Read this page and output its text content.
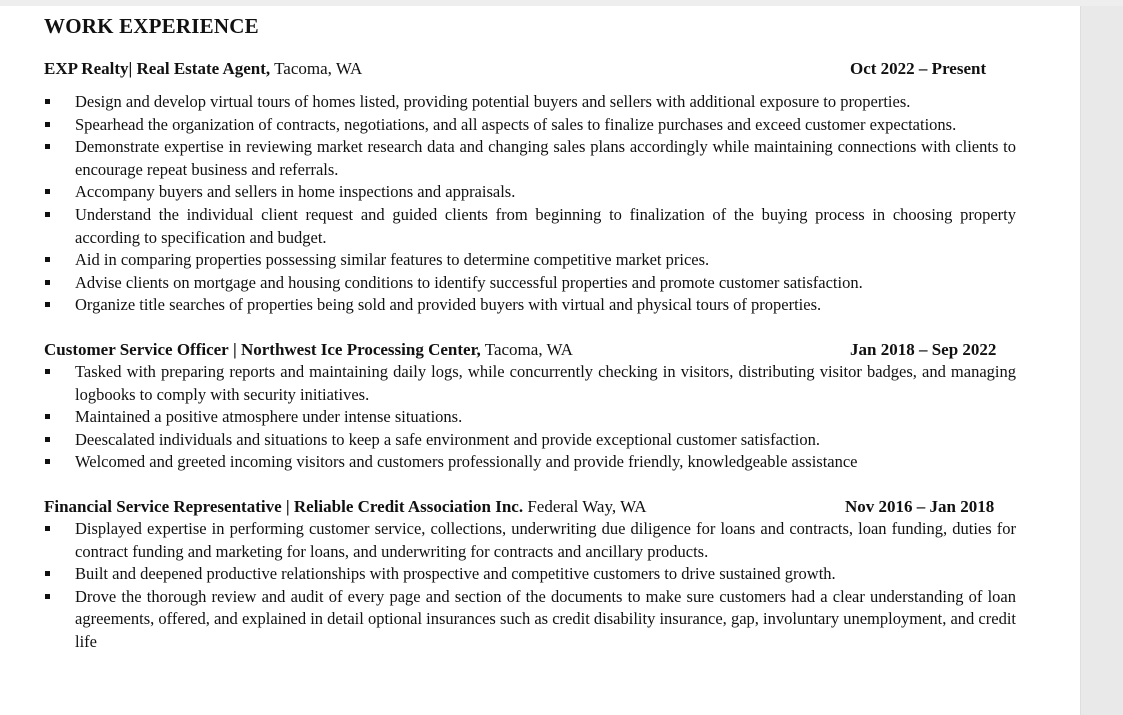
WORK EXPERIENCE
EXP Realty| Real Estate Agent, Tacoma, WA	Oct 2022 – Present
Design and develop virtual tours of homes listed, providing potential buyers and sellers with additional exposure to properties.
Spearhead the organization of contracts, negotiations, and all aspects of sales to finalize purchases and exceed customer expectations.
Demonstrate expertise in reviewing market research data and changing sales plans accordingly while maintaining connections with clients to encourage repeat business and referrals.
Accompany buyers and sellers in home inspections and appraisals.
Understand the individual client request and guided clients from beginning to finalization of the buying process in choosing property according to specification and budget.
Aid in comparing properties possessing similar features to determine competitive market prices.
Advise clients on mortgage and housing conditions to identify successful properties and promote customer satisfaction.
Organize title searches of properties being sold and provided buyers with virtual and physical tours of properties.
Customer Service Officer | Northwest Ice Processing Center, Tacoma, WA	Jan 2018 – Sep 2022
Tasked with preparing reports and maintaining daily logs, while concurrently checking in visitors, distributing visitor badges, and managing logbooks to comply with security initiatives.
Maintained a positive atmosphere under intense situations.
Deescalated individuals and situations to keep a safe environment and provide exceptional customer satisfaction.
Welcomed and greeted incoming visitors and customers professionally and provide friendly, knowledgeable assistance
Financial Service Representative | Reliable Credit Association Inc. Federal Way, WA	Nov 2016 – Jan 2018
Displayed expertise in performing customer service, collections, underwriting due diligence for loans and contracts, loan funding, duties for contract funding and marketing for loans, and underwriting for contracts and ancillary products.
Built and deepened productive relationships with prospective and competitive customers to drive sustained growth.
Drove the thorough review and audit of every page and section of the documents to make sure customers had a clear understanding of loan agreements, offered, and explained in detail optional insurances such as credit disability insurance, gap, involuntary unemployment, and credit life
